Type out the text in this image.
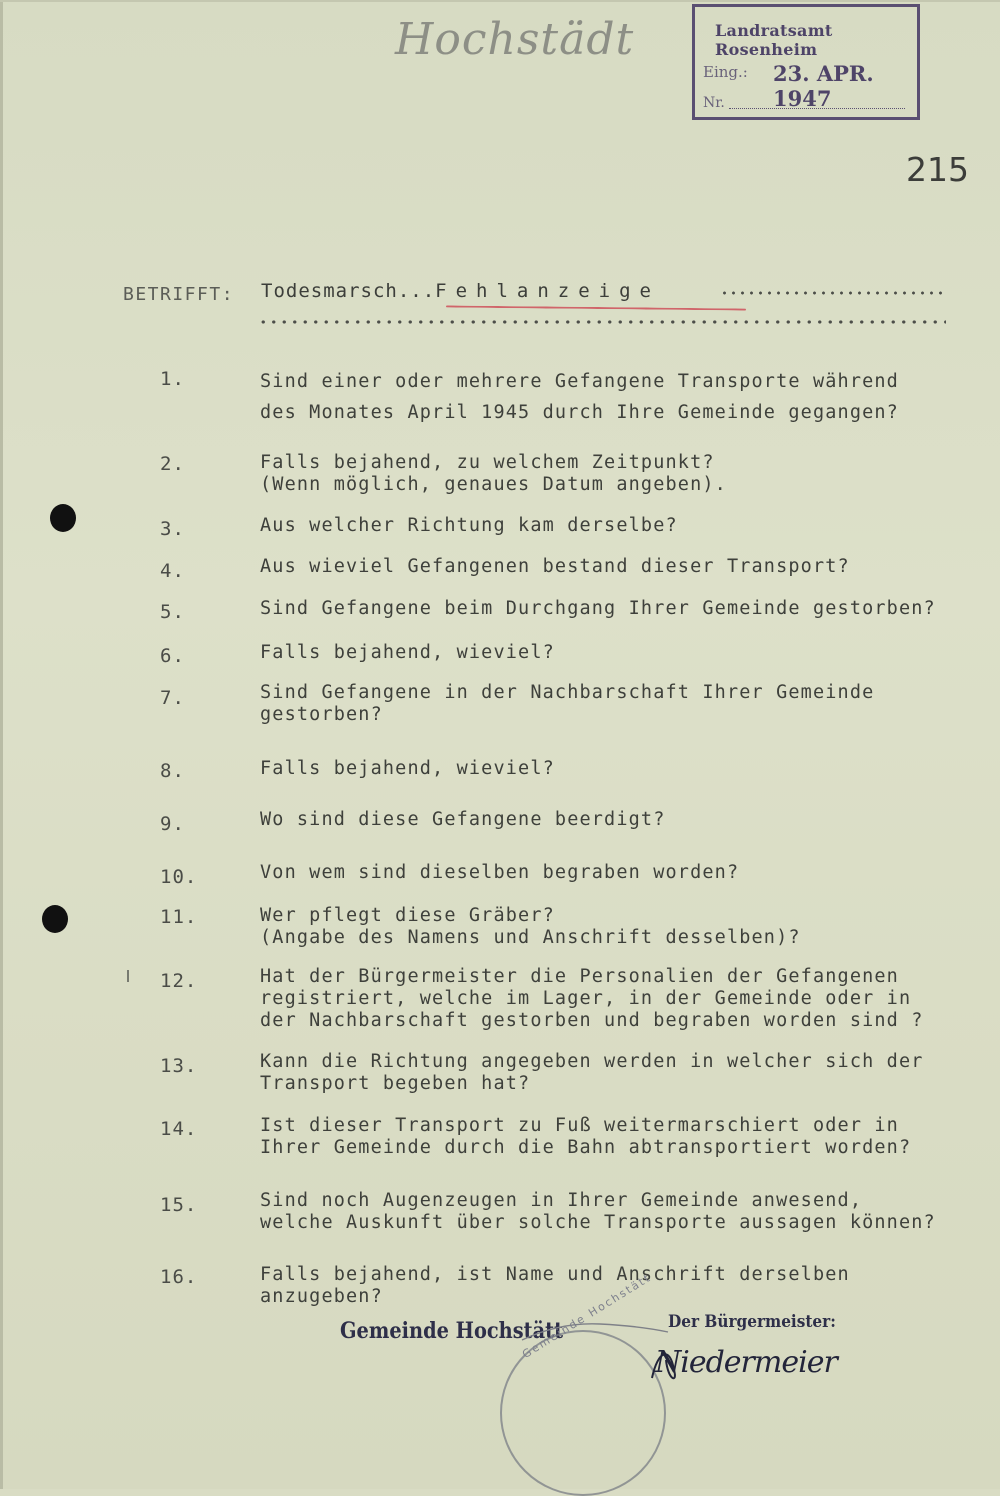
Hochstädt	Landratsamt Rosenheim
Eing.: 23. APR. 1947
Nr.
215
BETRIFFT: Todesmarsch...Fehlanzeige
1.	Sind einer oder mehrere Gefangene Transporte während
des Monates April 1945 durch Ihre Gemeinde gegangen?
2.	Falls bejahend, zu welchem Zeitpunkt?
(Wenn möglich, genaues Datum angeben).
3.	Aus welcher Richtung kam derselbe?
4.	Aus wieviel Gefangenen bestand dieser Transport?
5.	Sind Gefangene beim Durchgang Ihrer Gemeinde gestorben?
6.	Falls bejahend, wieviel?
7.	Sind Gefangene in der Nachbarschaft Ihrer Gemeinde
gestorben?
8.	Falls bejahend, wieviel?
9.	Wo sind diese Gefangene beerdigt?
10.	Von wem sind dieselben begraben worden?
11.	Wer pflegt diese Gräber?
(Angabe des Namens und Anschrift desselben)?
12.	Hat der Bürgermeister die Personalien der Gefangenen
registriert, welche im Lager, in der Gemeinde oder in
der Nachbarschaft gestorben und begraben worden sind ?
13.	Kann die Richtung angegeben werden in welcher sich der
Transport begeben hat?
14.	Ist dieser Transport zu Fuß weitermarschiert oder in
Ihrer Gemeinde durch die Bahn abtransportiert worden?
15.	Sind noch Augenzeugen in Ihrer Gemeinde anwesend,
welche Auskunft über solche Transporte aussagen können?
16.	Falls bejahend, ist Name und Anschrift derselben
anzugeben?
Gemeinde Hochstätt	Der Bürgermeister:
Gemeinde Hochstätt
Niedermeier
